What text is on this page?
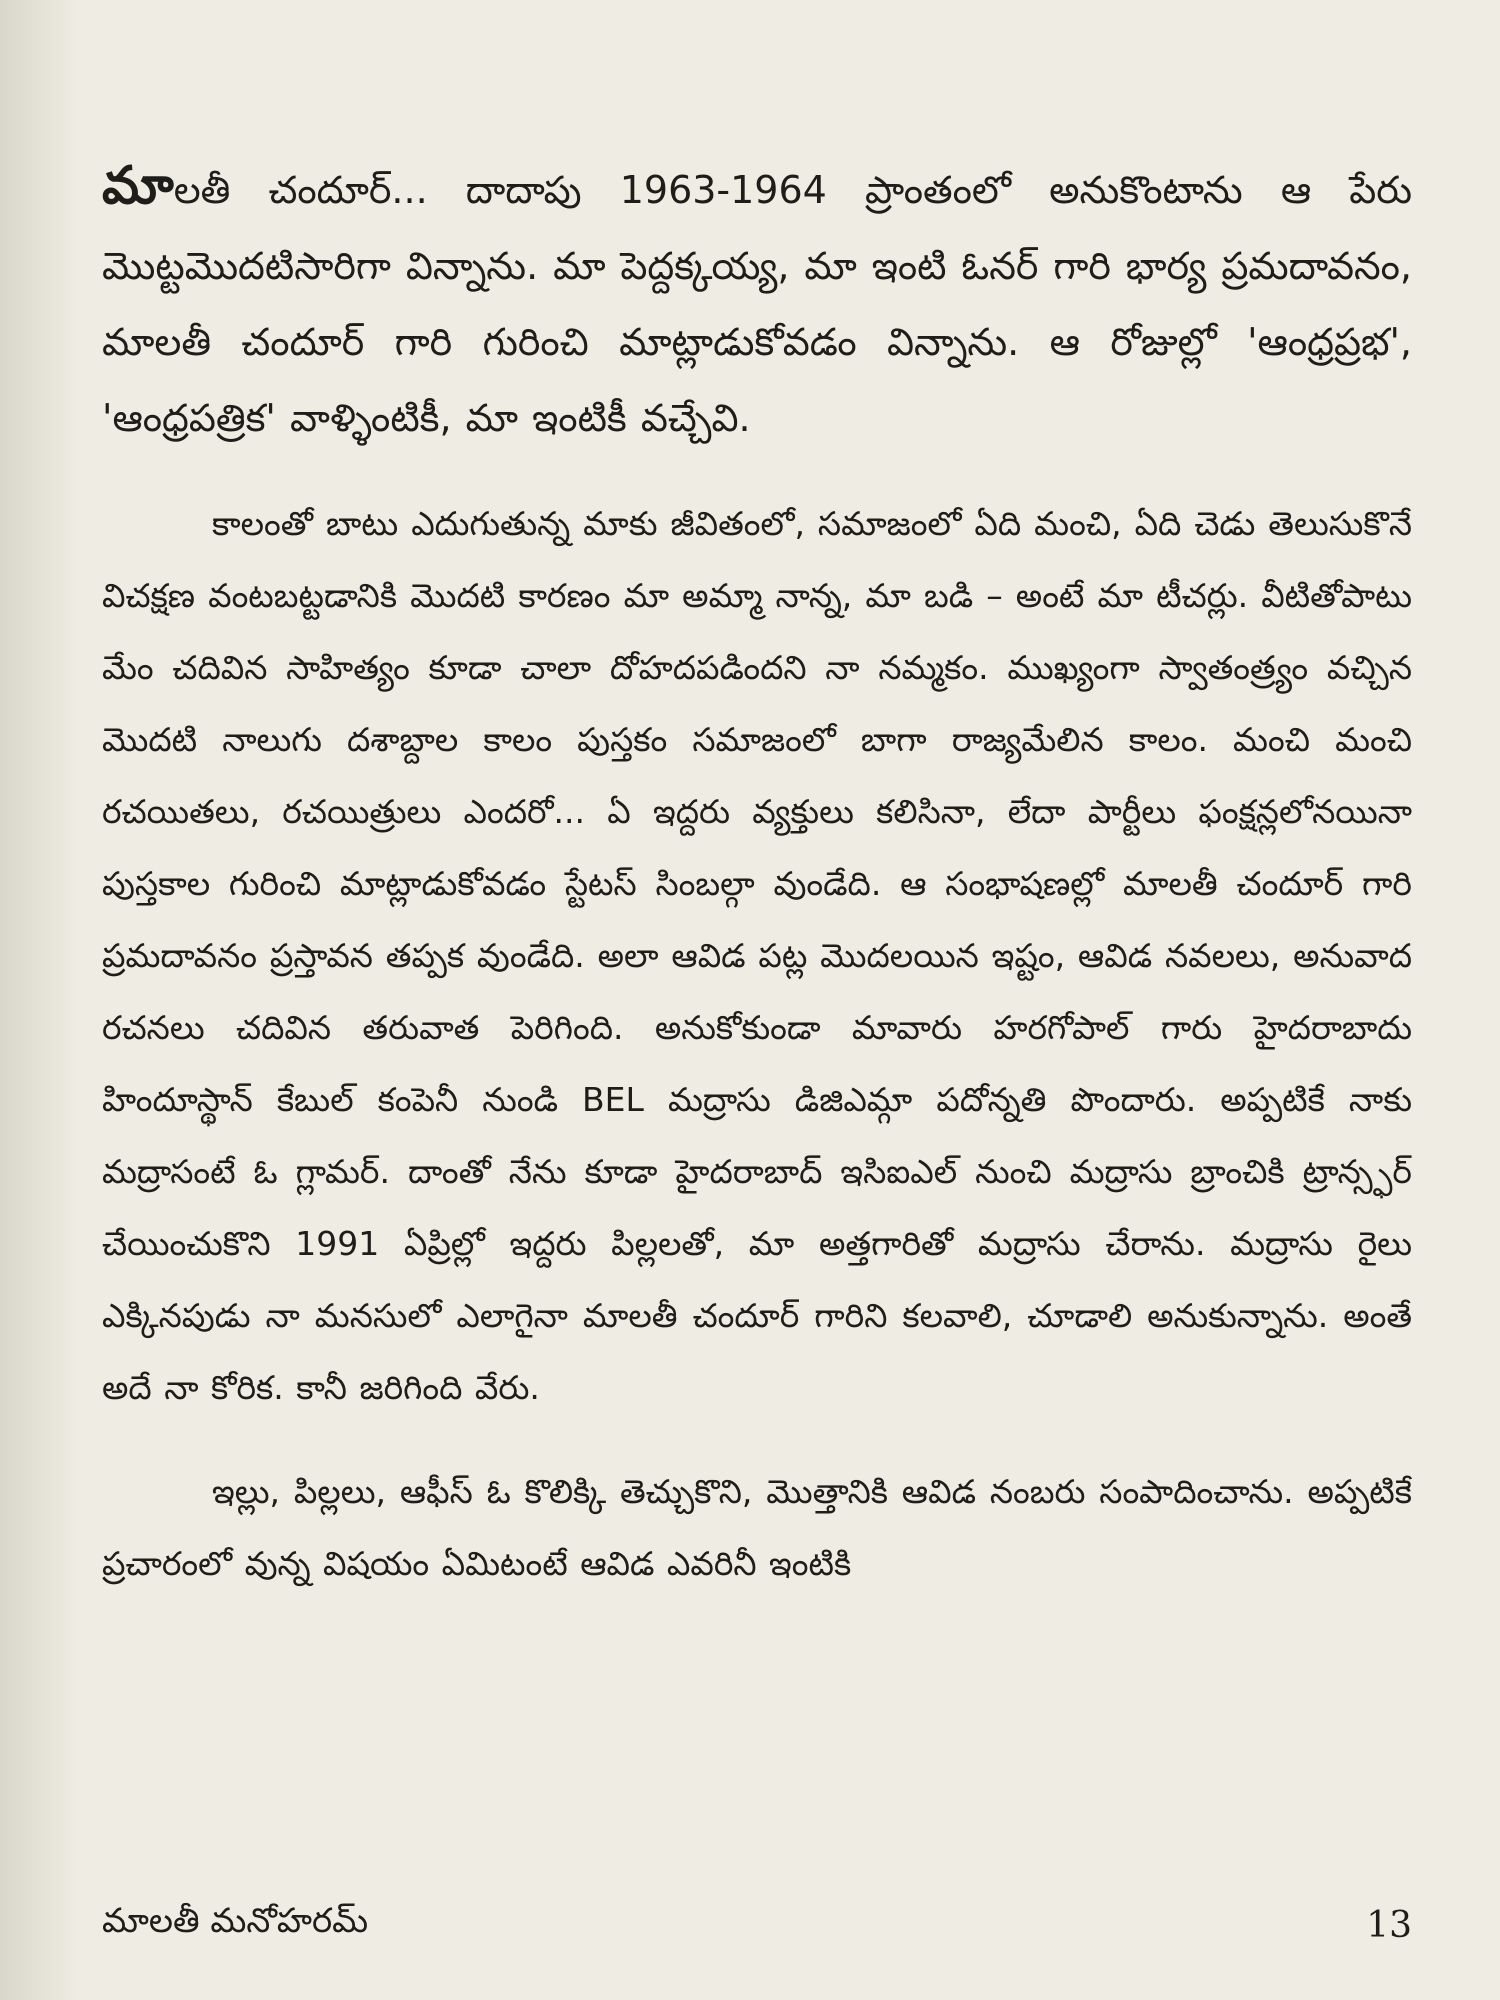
మాలతీ చందూర్... దాదాపు 1963-1964 ప్రాంతంలో అనుకొంటాను ఆ పేరు మొట్టమొదటిసారిగా విన్నాను. మా పెద్దక్కయ్య, మా ఇంటి ఓనర్ గారి భార్య ప్రమదావనం, మాలతీ చందూర్ గారి గురించి మాట్లాడుకోవడం విన్నాను. ఆ రోజుల్లో 'ఆంధ్రప్రభ', 'ఆంధ్రపత్రిక' వాళ్ళింటికీ, మా ఇంటికీ వచ్చేవి.

కాలంతో బాటు ఎదుగుతున్న మాకు జీవితంలో, సమాజంలో ఏది మంచి, ఏది చెడు తెలుసుకొనే విచక్షణ వంటబట్టడానికి మొదటి కారణం మా అమ్మా నాన్న, మా బడి – అంటే మా టీచర్లు. వీటితోపాటు మేం చదివిన సాహిత్యం కూడా చాలా దోహదపడిందని నా నమ్మకం. ముఖ్యంగా స్వాతంత్ర్యం వచ్చిన మొదటి నాలుగు దశాబ్దాల కాలం పుస్తకం సమాజంలో బాగా రాజ్యమేలిన కాలం. మంచి మంచి రచయితలు, రచయిత్రులు ఎందరో... ఏ ఇద్దరు వ్యక్తులు కలిసినా, లేదా పార్టీలు ఫంక్షన్లలోనయినా పుస్తకాల గురించి మాట్లాడుకోవడం స్టేటస్ సింబల్గా వుండేది. ఆ సంభాషణల్లో మాలతీ చందూర్ గారి ప్రమదావనం ప్రస్తావన తప్పక వుండేది. అలా ఆవిడ పట్ల మొదలయిన ఇష్టం, ఆవిడ నవలలు, అనువాద రచనలు చదివిన తరువాత పెరిగింది. అనుకోకుండా మావారు హరగోపాల్ గారు హైదరాబాదు హిందూస్థాన్ కేబుల్ కంపెనీ నుండి BEL మద్రాసు డిజిఎమ్గా పదోన్నతి పొందారు. అప్పటికే నాకు మద్రాసంటే ఓ గ్లామర్. దాంతో నేను కూడా హైదరాబాద్ ఇసిఐఎల్ నుంచి మద్రాసు బ్రాంచికి ట్రాన్స్ఫర్ చేయించుకొని 1991 ఏప్రిల్లో ఇద్దరు పిల్లలతో, మా అత్తగారితో మద్రాసు చేరాను. మద్రాసు రైలు ఎక్కినపుడు నా మనసులో ఎలాగైనా మాలతీ చందూర్ గారిని కలవాలి, చూడాలి అనుకున్నాను. అంతే అదే నా కోరిక. కానీ జరిగింది వేరు.

ఇల్లు, పిల్లలు, ఆఫీస్ ఓ కొలిక్కి తెచ్చుకొని, మొత్తానికి ఆవిడ నంబరు సంపాదించాను. అప్పటికే ప్రచారంలో వున్న విషయం ఏమిటంటే ఆవిడ ఎవరినీ ఇంటికి

మాలతీ మనోహరమ్	13
